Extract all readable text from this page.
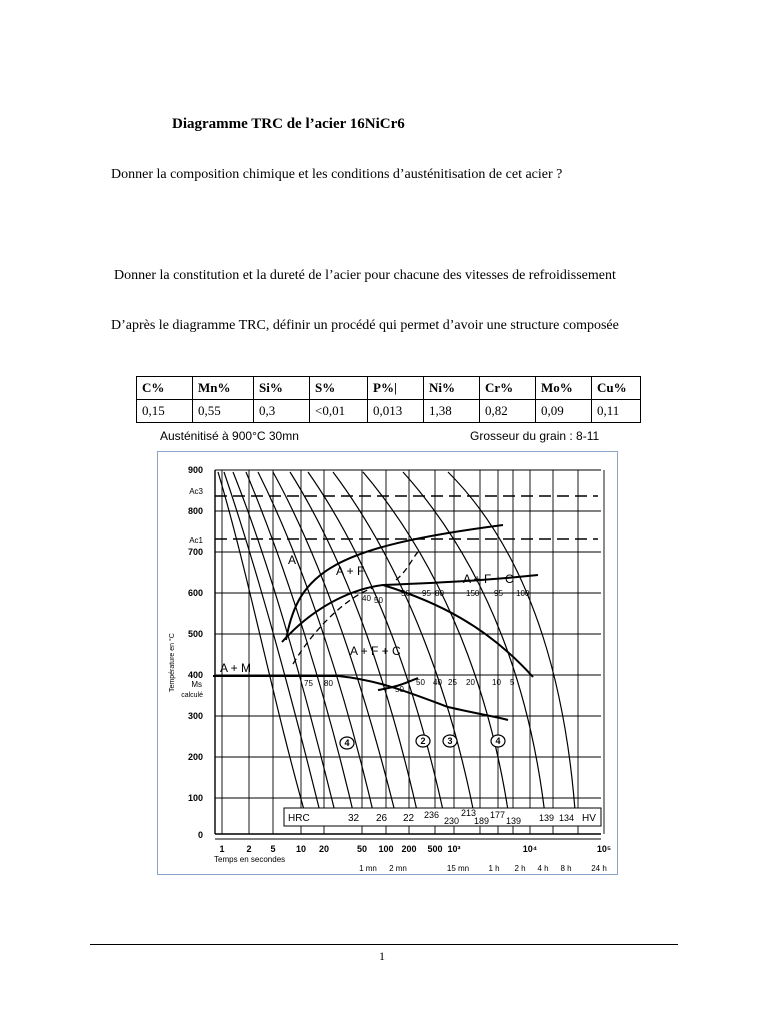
Diagramme TRC de l’acier 16NiCr6
Donner la composition chimique et les conditions d’austénitisation de cet acier ?
Donner la constitution et la dureté de l’acier pour chacune des vitesses de refroidissement
D’après le diagramme TRC, définir un procédé qui permet d’avoir une structure composée
C%	Mn%	Si%	S%	P%|	Ni%	Cr%	Mo%	Cu%
0,15	0,55	0,3	<0,01	0,013	1,38	0,82	0,09	0,11
Austénitisé à 900°C 30mn	Grosseur du grain : 8-11
900
800
700
600
500
400
300
200
100
0
Ac3
Ac1
Ms
calculé
Température en °C
1 2 5 10 20	50 100 200 500 10³	10⁴	10⁵
Temps en secondes
1 mn 2 mn	15 mn 1 h 2 h 4 h 8 h 24 h
A
A + F
A + F + C
A + F + C
A + M
40 50
50 95 80	150 95 100
75 80
50
50 40 25 20 10 5
4	2 3	4
HRC	32 26 22 236
230
213
189
177
139 139 134 HV
1
